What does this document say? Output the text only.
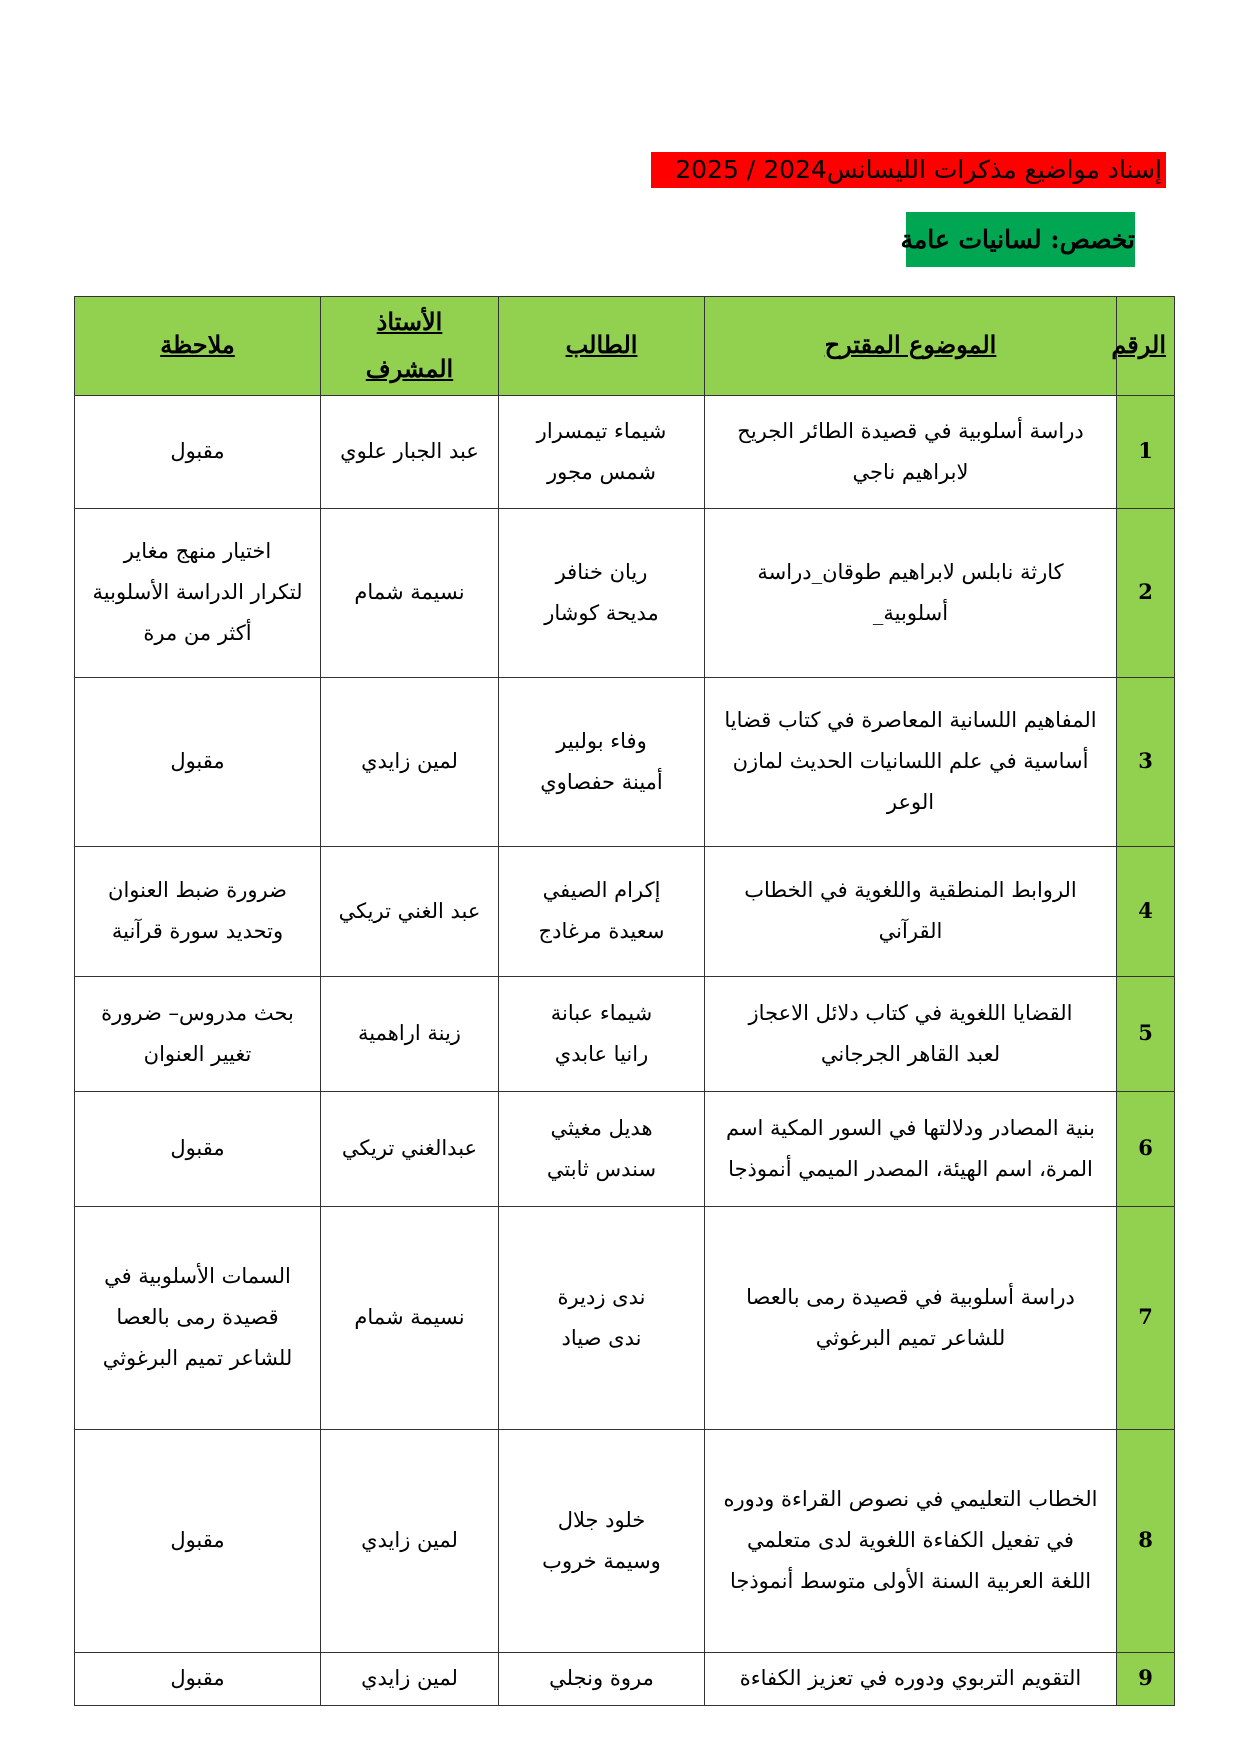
إسناد مواضيع مذكرات الليسانس2024 / 2025
تخصص: لسانيات عامة
الرقم	الموضوع المقترح	الطالب	الأستاذ المشرف	ملاحظة
1	دراسة أسلوبية في قصيدة الطائر الجريح
لابراهيم ناجي	شيماء تيمسرار
شمس مجور	عبد الجبار علوي	مقبول

2	كارثة نابلس لابراهيم طوقان_دراسة
أسلوبية_	ريان خنافر
مديحة كوشار	نسيمة شمام	اختيار منهج مغاير
لتكرار الدراسة الأسلوبية
أكثر من مرة

3	المفاهيم اللسانية المعاصرة في كتاب قضايا
أساسية في علم اللسانيات الحديث لمازن
الوعر	وفاء بولبير
أمينة حفصاوي	لمين زايدي	مقبول

4	الروابط المنطقية واللغوية في الخطاب القرآني	إكرام الصيفي
سعيدة مرغادج	عبد الغني تريكي	ضرورة ضبط العنوان
وتحديد سورة قرآنية

5	القضايا اللغوية في كتاب دلائل الاعجاز
لعبد القاهر الجرجاني	شيماء عبانة
رانيا عابدي	زينة اراهمية	بحث مدروس– ضرورة
تغيير العنوان

6	بنية المصادر ودلالتها في السور المكية اسم
المرة، اسم الهيئة، المصدر الميمي أنموذجا	هديل مغيثي
سندس ثابتي	عبدالغني تريكي	مقبول

7	دراسة أسلوبية في قصيدة رمى بالعصا
للشاعر تميم البرغوثي	ندى زديرة
ندى صياد	نسيمة شمام	السمات الأسلوبية في
قصيدة رمى بالعصا
للشاعر تميم البرغوثي

8	الخطاب التعليمي في نصوص القراءة ودوره
في تفعيل الكفاءة اللغوية لدى متعلمي
اللغة العربية السنة الأولى متوسط أنموذجا	خلود جلال
وسيمة خروب	لمين زايدي	مقبول

9	التقويم التربوي ودوره في تعزيز الكفاءة	مروة ونجلي	لمين زايدي	مقبول
